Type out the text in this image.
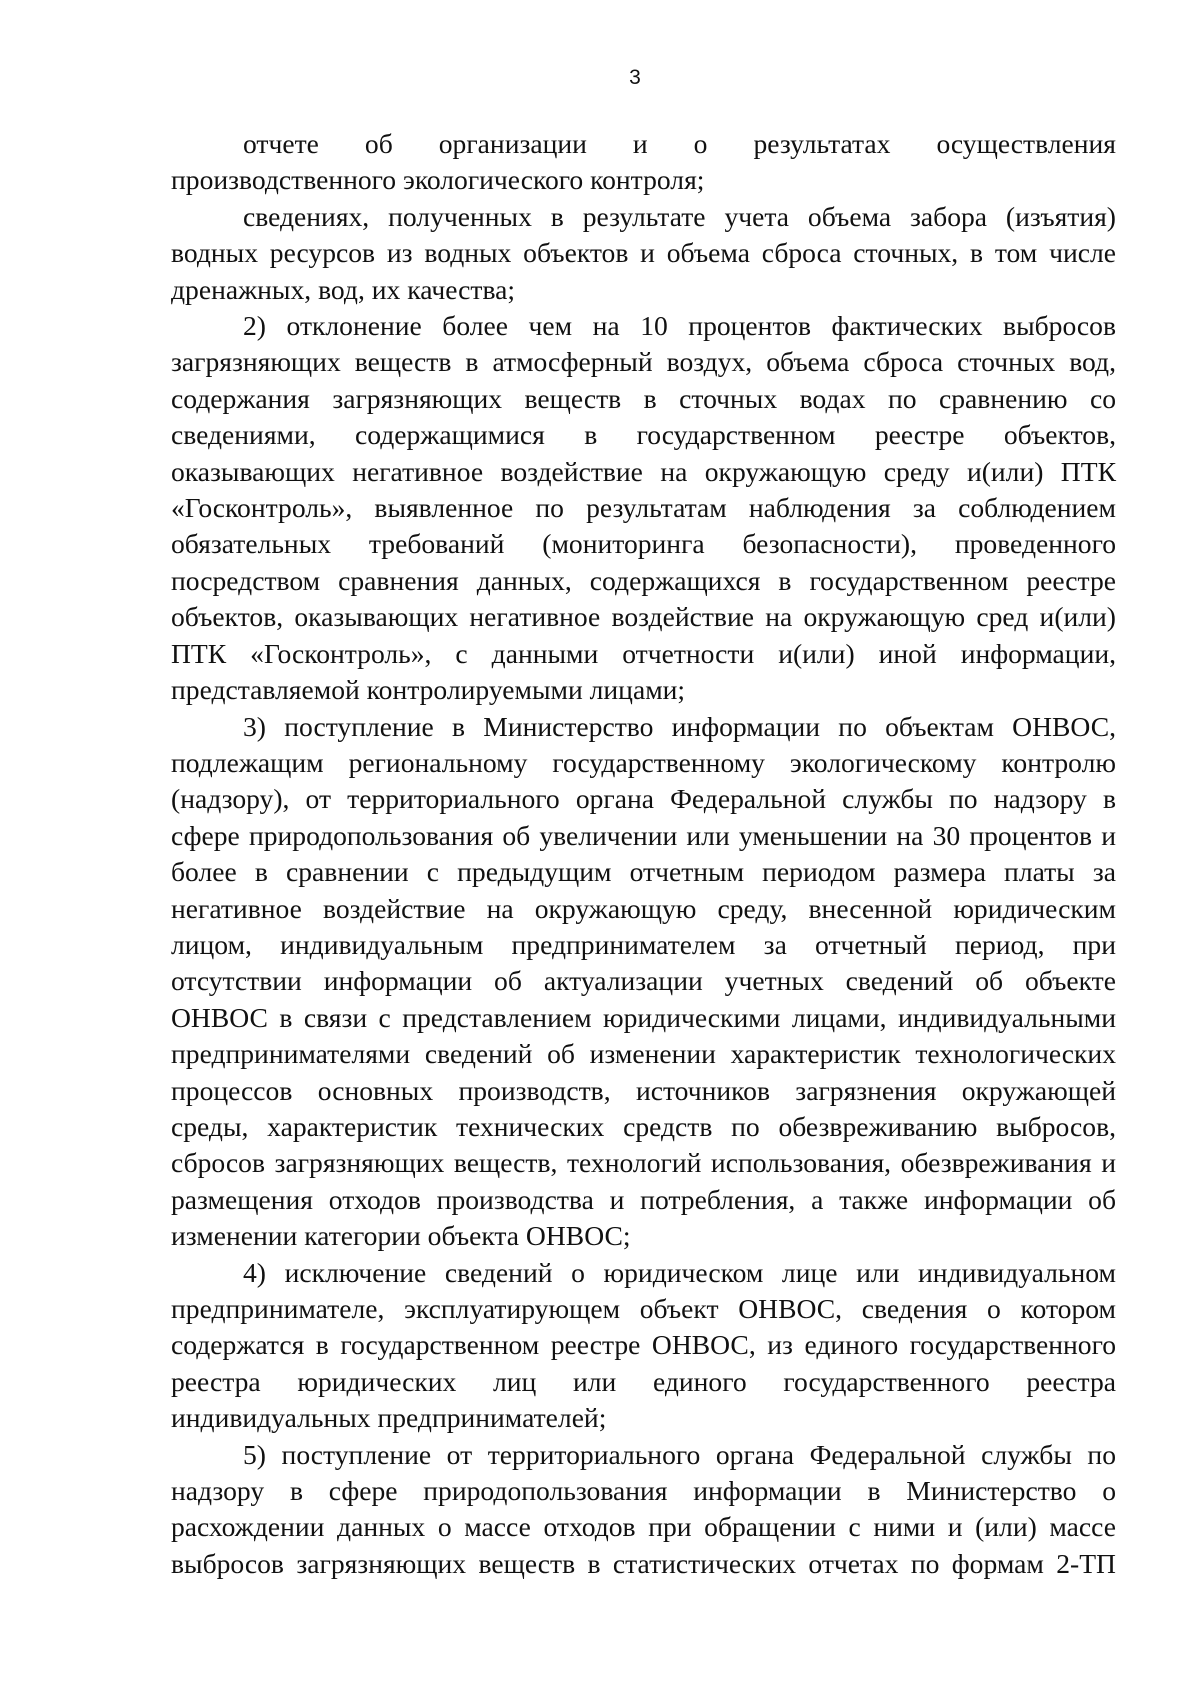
3
отчете об организации и о результатах осуществления
производственного экологического контроля;
сведениях, полученных в результате учета объема забора (изъятия)
водных ресурсов из водных объектов и объема сброса сточных, в том числе
дренажных, вод, их качества;
2) отклонение более чем на 10 процентов фактических выбросов
загрязняющих веществ в атмосферный воздух, объема сброса сточных вод,
содержания загрязняющих веществ в сточных водах по сравнению со
сведениями, содержащимися в государственном реестре объектов,
оказывающих негативное воздействие на окружающую среду и(или) ПТК
«Госконтроль», выявленное по результатам наблюдения за соблюдением
обязательных требований (мониторинга безопасности), проведенного
посредством сравнения данных, содержащихся в государственном реестре
объектов, оказывающих негативное воздействие на окружающую сред и(или)
ПТК «Госконтроль», с данными отчетности и(или) иной информации,
представляемой контролируемыми лицами;
3) поступление в Министерство информации по объектам ОНВОС,
подлежащим региональному государственному экологическому контролю
(надзору), от территориального органа Федеральной службы по надзору в
сфере природопользования об увеличении или уменьшении на 30 процентов и
более в сравнении с предыдущим отчетным периодом размера платы за
негативное воздействие на окружающую среду, внесенной юридическим
лицом, индивидуальным предпринимателем за отчетный период, при
отсутствии информации об актуализации учетных сведений об объекте
ОНВОС в связи с представлением юридическими лицами, индивидуальными
предпринимателями сведений об изменении характеристик технологических
процессов основных производств, источников загрязнения окружающей
среды, характеристик технических средств по обезвреживанию выбросов,
сбросов загрязняющих веществ, технологий использования, обезвреживания и
размещения отходов производства и потребления, а также информации об
изменении категории объекта ОНВОС;
4) исключение сведений о юридическом лице или индивидуальном
предпринимателе, эксплуатирующем объект ОНВОС, сведения о котором
содержатся в государственном реестре ОНВОС, из единого государственного
реестра юридических лиц или единого государственного реестра
индивидуальных предпринимателей;
5) поступление от территориального органа Федеральной службы по
надзору в сфере природопользования информации в Министерство о
расхождении данных о массе отходов при обращении с ними и (или) массе
выбросов загрязняющих веществ в статистических отчетах по формам 2-ТП
